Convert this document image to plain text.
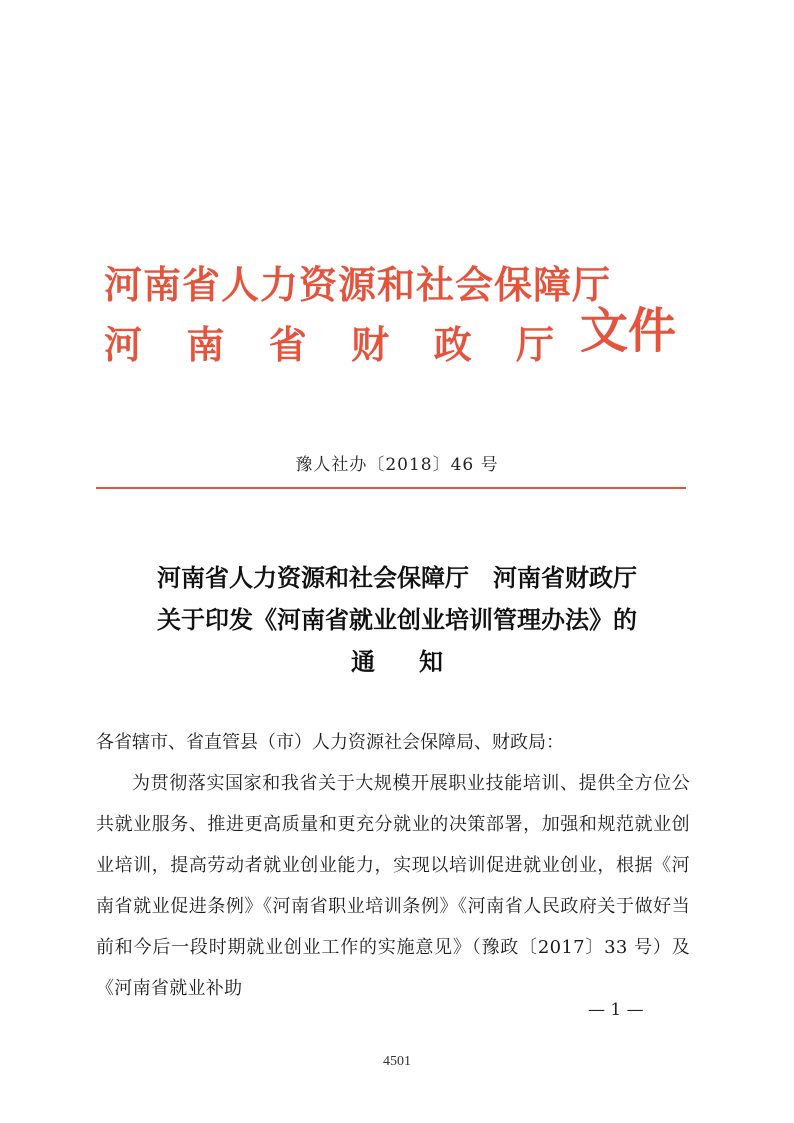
河南省人力资源和社会保障厅
河 南 省 财 政 厅 文件
豫人社办〔2018〕46 号
河南省人力资源和社会保障厅　河南省财政厅
关于印发《河南省就业创业培训管理办法》的
通知
各省辖市、省直管县（市）人力资源社会保障局、财政局：
为贯彻落实国家和我省关于大规模开展职业技能培训、提供全方位公共就业服务、推进更高质量和更充分就业的决策部署，加强和规范就业创业培训，提高劳动者就业创业能力，实现以培训促进就业创业，根据《河南省就业促进条例》《河南省职业培训条例》《河南省人民政府关于做好当前和今后一段时期就业创业工作的实施意见》（豫政〔2017〕33 号）及《河南省就业补助
— 1 —
4501
